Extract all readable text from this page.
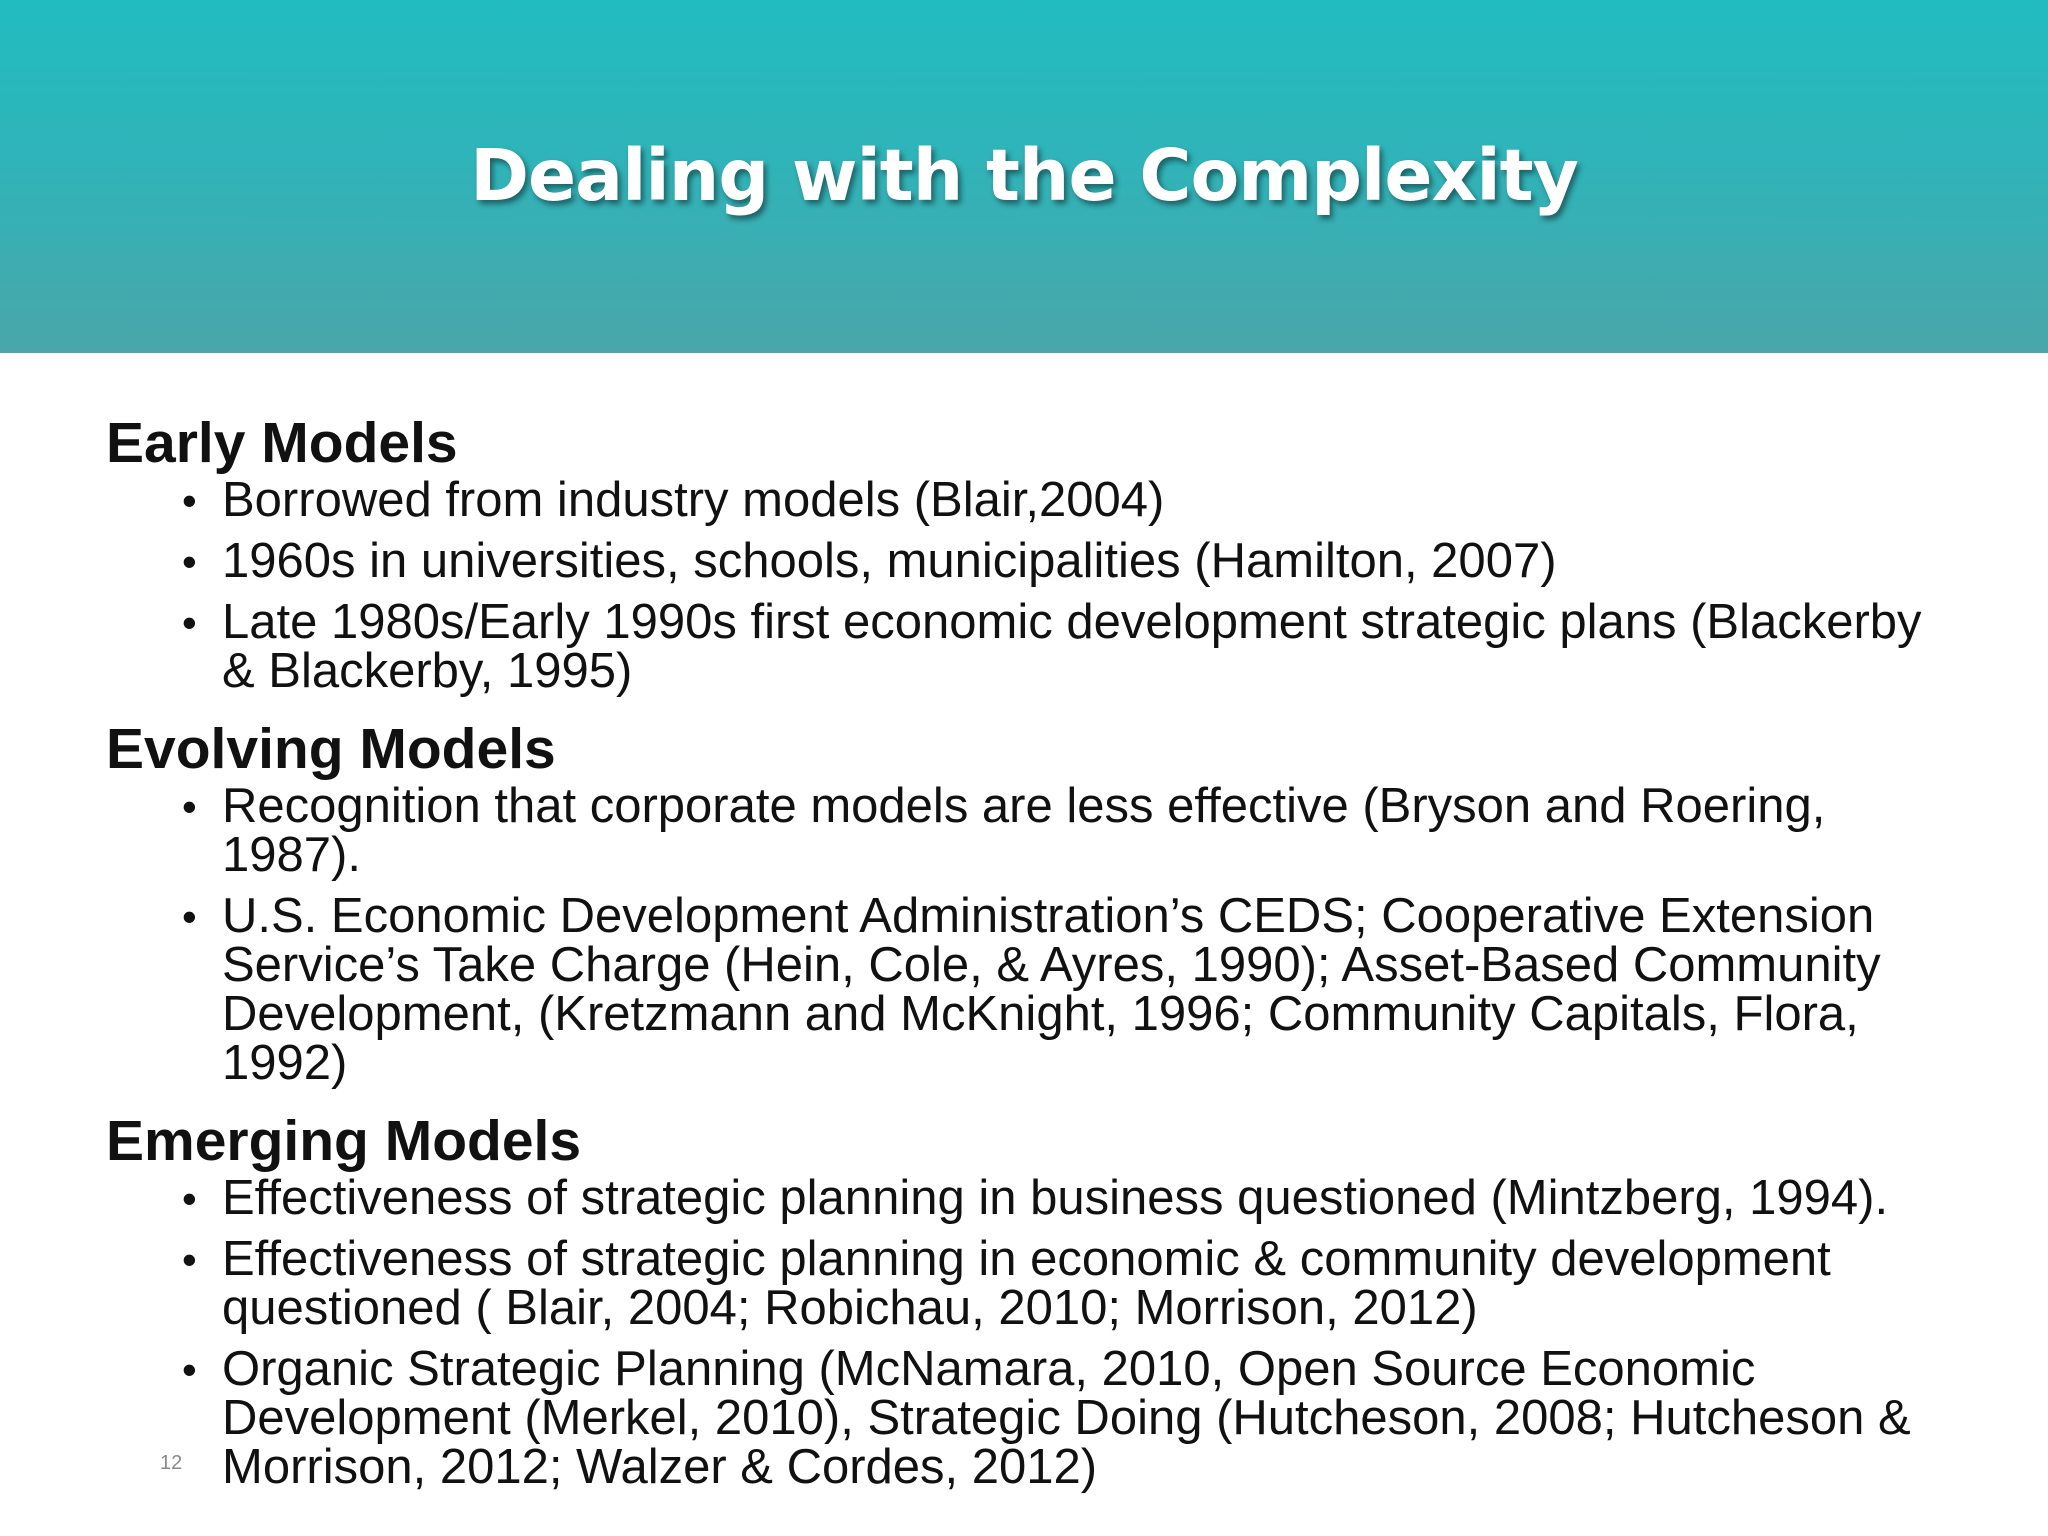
Dealing with the Complexity
Early Models
• Borrowed from industry models (Blair,2004)
• 1960s in universities, schools, municipalities (Hamilton, 2007)
• Late 1980s/Early 1990s first economic development strategic plans (Blackerby & Blackerby, 1995)
Evolving Models
• Recognition that corporate models are less effective (Bryson and Roering, 1987).
• U.S. Economic Development Administration’s CEDS; Cooperative Extension Service’s Take Charge (Hein, Cole, & Ayres, 1990); Asset-Based Community Development, (Kretzmann and McKnight, 1996; Community Capitals, Flora, 1992)
Emerging Models
• Effectiveness of strategic planning in business questioned (Mintzberg, 1994).
• Effectiveness of strategic planning in economic & community development questioned ( Blair, 2004; Robichau, 2010; Morrison, 2012)
• Organic Strategic Planning (McNamara, 2010, Open Source Economic Development (Merkel, 2010), Strategic Doing (Hutcheson, 2008; Hutcheson & Morrison, 2012; Walzer & Cordes, 2012)
12
